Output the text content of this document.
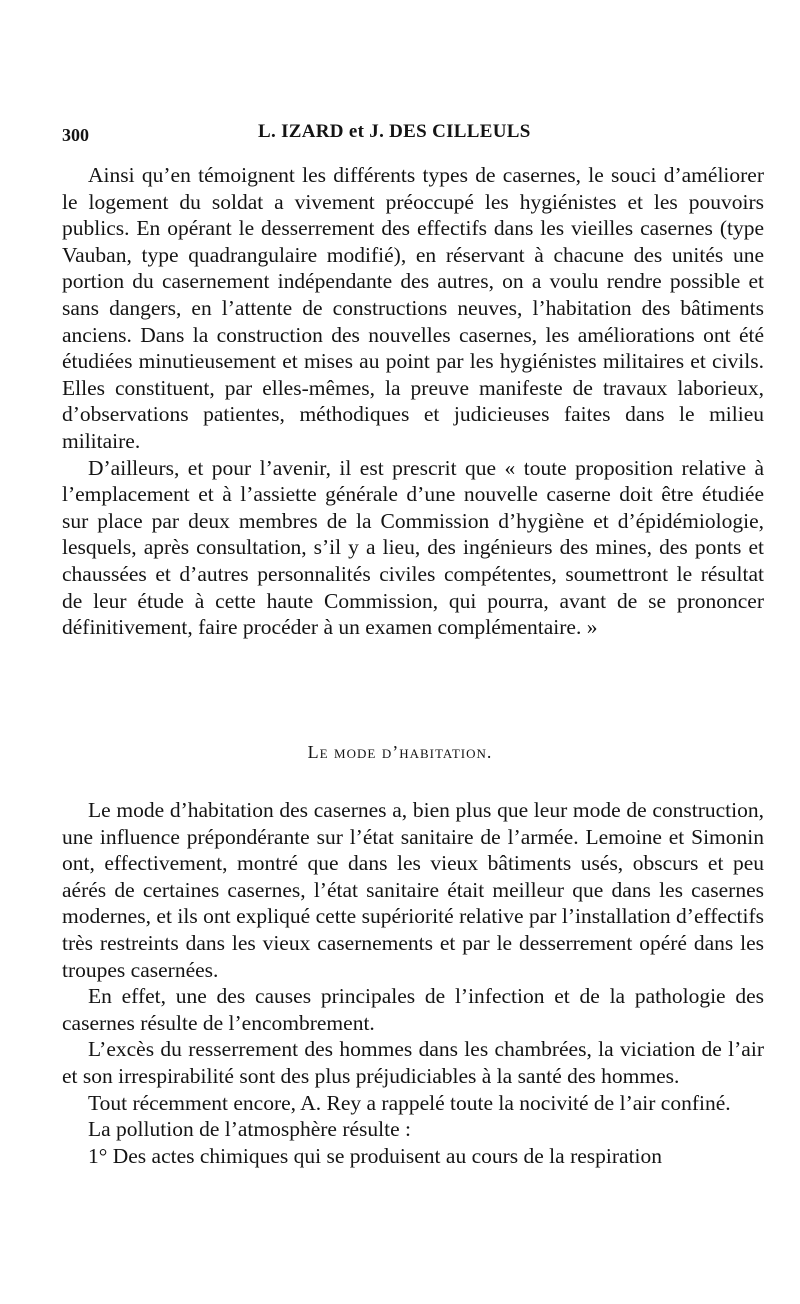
300	L. IZARD et J. DES CILLEULS

Ainsi qu’en témoignent les différents types de casernes, le souci d’améliorer le logement du soldat a vivement préoccupé les hygiénistes et les pouvoirs publics. En opérant le desserrement des effectifs dans les vieilles casernes (type Vauban, type quadrangulaire modifié), en réservant à chacune des unités une portion du casernement indépendante des autres, on a voulu rendre possible et sans dangers, en l’attente de constructions neuves, l’habitation des bâtiments anciens. Dans la construction des nouvelles casernes, les améliorations ont été étudiées minutieusement et mises au point par les hygiénistes militaires et civils. Elles constituent, par elles-mêmes, la preuve manifeste de travaux laborieux, d’observations patientes, méthodiques et judicieuses faites dans le milieu militaire.

D’ailleurs, et pour l’avenir, il est prescrit que « toute proposition relative à l’emplacement et à l’assiette générale d’une nouvelle caserne doit être étudiée sur place par deux membres de la Commission d’hygiène et d’épidémiologie, lesquels, après consultation, s’il y a lieu, des ingénieurs des mines, des ponts et chaussées et d’autres personnalités civiles compétentes, soumettront le résultat de leur étude à cette haute Commission, qui pourra, avant de se prononcer définitivement, faire procéder à un examen complémentaire. »

Le mode d’habitation.

Le mode d’habitation des casernes a, bien plus que leur mode de construction, une influence prépondérante sur l’état sanitaire de l’armée. Lemoine et Simonin ont, effectivement, montré que dans les vieux bâtiments usés, obscurs et peu aérés de certaines casernes, l’état sanitaire était meilleur que dans les casernes modernes, et ils ont expliqué cette supériorité relative par l’installation d’effectifs très restreints dans les vieux casernements et par le desserrement opéré dans les troupes casernées.

En effet, une des causes principales de l’infection et de la pathologie des casernes résulte de l’encombrement.

L’excès du resserrement des hommes dans les chambrées, la viciation de l’air et son irrespirabilité sont des plus préjudiciables à la santé des hommes.

Tout récemment encore, A. Rey a rappelé toute la nocivité de l’air confiné.

La pollution de l’atmosphère résulte :

1° Des actes chimiques qui se produisent au cours de la respiration
